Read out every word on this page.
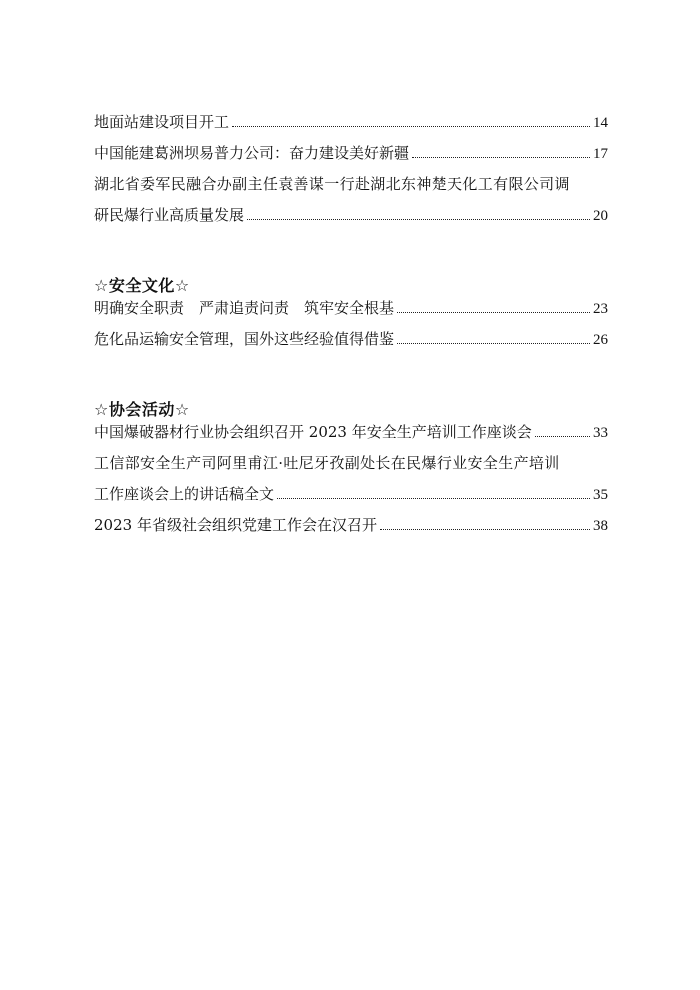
地面站建设项目开工	14
中国能建葛洲坝易普力公司：奋力建设美好新疆	17
湖北省委军民融合办副主任袁善谋一行赴湖北东神楚天化工有限公司调
研民爆行业高质量发展	20
☆安全文化☆
明确安全职责　严肃追责问责　筑牢安全根基	23
危化品运输安全管理，国外这些经验值得借鉴	26
☆协会活动☆
中国爆破器材行业协会组织召开 2023 年安全生产培训工作座谈会	33
工信部安全生产司阿里甫江·吐尼牙孜副处长在民爆行业安全生产培训
工作座谈会上的讲话稿全文	35
2023 年省级社会组织党建工作会在汉召开	38
